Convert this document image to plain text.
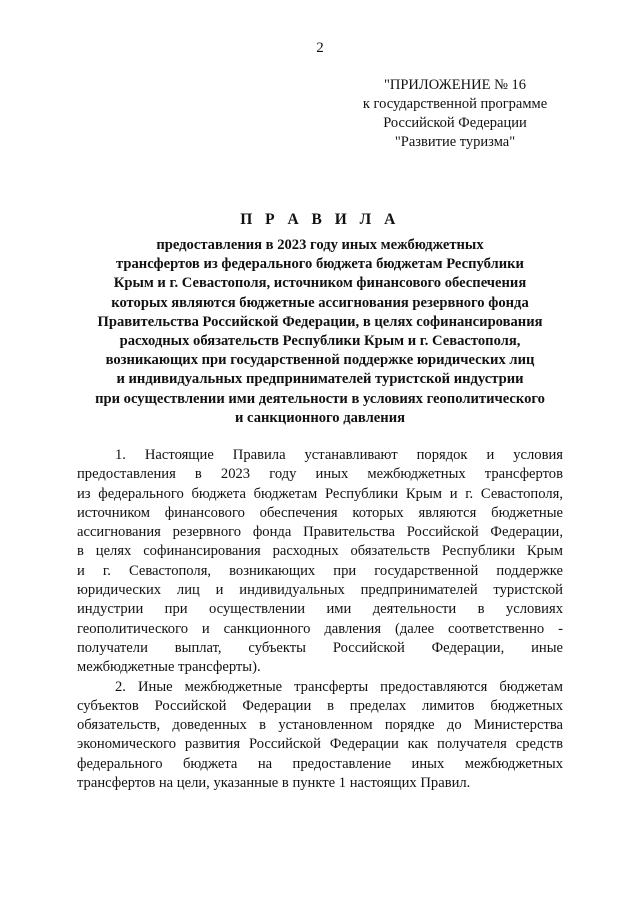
2
"ПРИЛОЖЕНИЕ № 16
к государственной программе
Российской Федерации
"Развитие туризма"
П Р А В И Л А
предоставления в 2023 году иных межбюджетных
трансфертов из федерального бюджета бюджетам Республики
Крым и г. Севастополя, источником финансового обеспечения
которых являются бюджетные ассигнования резервного фонда
Правительства Российской Федерации, в целях софинансирования
расходных обязательств Республики Крым и г. Севастополя,
возникающих при государственной поддержке юридических лиц
и индивидуальных предпринимателей туристской индустрии
при осуществлении ими деятельности в условиях геополитического
и санкционного давления
1. Настоящие Правила устанавливают порядок и условия
предоставления в 2023 году иных межбюджетных трансфертов
из федерального бюджета бюджетам Республики Крым и г. Севастополя,
источником финансового обеспечения которых являются бюджетные
ассигнования резервного фонда Правительства Российской Федерации,
в целях софинансирования расходных обязательств Республики Крым
и г. Севастополя, возникающих при государственной поддержке
юридических лиц и индивидуальных предпринимателей туристской
индустрии при осуществлении ими деятельности в условиях
геополитического и санкционного давления (далее соответственно -
получатели выплат, субъекты Российской Федерации, иные
межбюджетные трансферты).
2. Иные межбюджетные трансферты предоставляются бюджетам
субъектов Российской Федерации в пределах лимитов бюджетных
обязательств, доведенных в установленном порядке до Министерства
экономического развития Российской Федерации как получателя средств
федерального бюджета на предоставление иных межбюджетных
трансфертов на цели, указанные в пункте 1 настоящих Правил.
